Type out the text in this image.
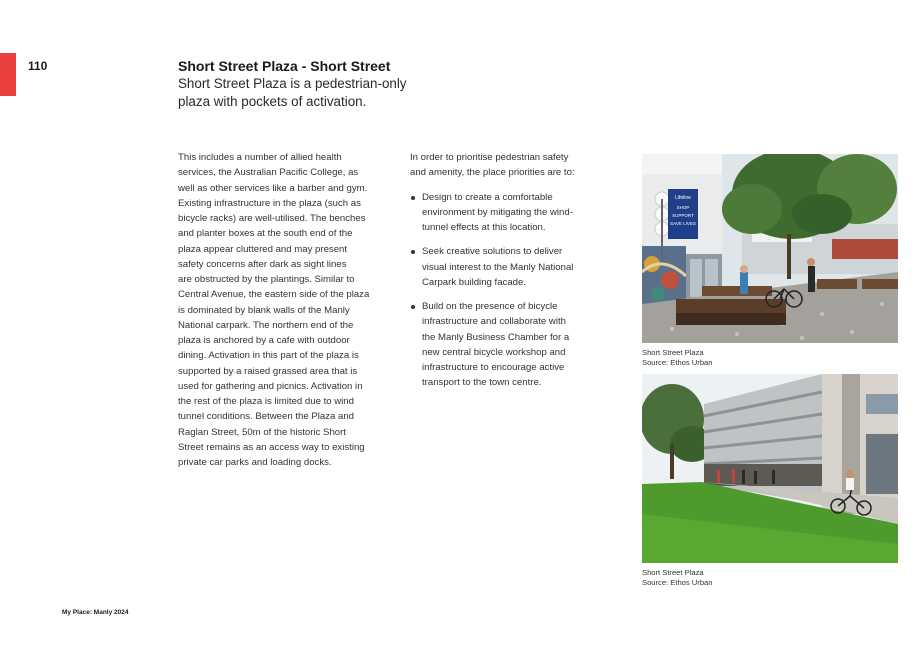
110	Short Street Plaza - Short Street
Short Street Plaza is a pedestrian-only plaza with pockets of activation.
This includes a number of allied health
services, the Australian Pacific College, as
well as other services like a barber and gym.
Existing infrastructure in the plaza (such as
bicycle racks) are well-utilised. The benches
and planter boxes at the south end of the
plaza appear cluttered and may present
safety concerns after dark as sight lines
are obstructed by the plantings. Similar to
Central Avenue, the eastern side of the plaza
is dominated by blank walls of the Manly
National carpark. The northern end of the
plaza is anchored by a cafe with outdoor
dining. Activation in this part of the plaza is
supported by a raised grassed area that is
used for gathering and picnics. Activation in
the rest of the plaza is limited due to wind
tunnel conditions. Between the Plaza and
Raglan Street, 50m of the historic Short
Street remains as an access way to existing
private car parks and loading docks.
In order to prioritise pedestrian safety
and amenity, the place priorities are to:
Design to create a comfortable
environment by mitigating the wind-
tunnel effects at this location.
Seek creative solutions to deliver
visual interest to the Manly National
Carpark building facade.
Build on the presence of bicycle
infrastructure and collaborate with
the Manly Business Chamber for a
new central bicycle workshop and
infrastructure to encourage active
transport to the town centre.
Lifeline
SHOP
SUPPORT
SAVE LIVES
Short Street Plaza
Source: Ethos Urban
Short Street Plaza
Source: Ethos Urban
My Place: Manly 2024
